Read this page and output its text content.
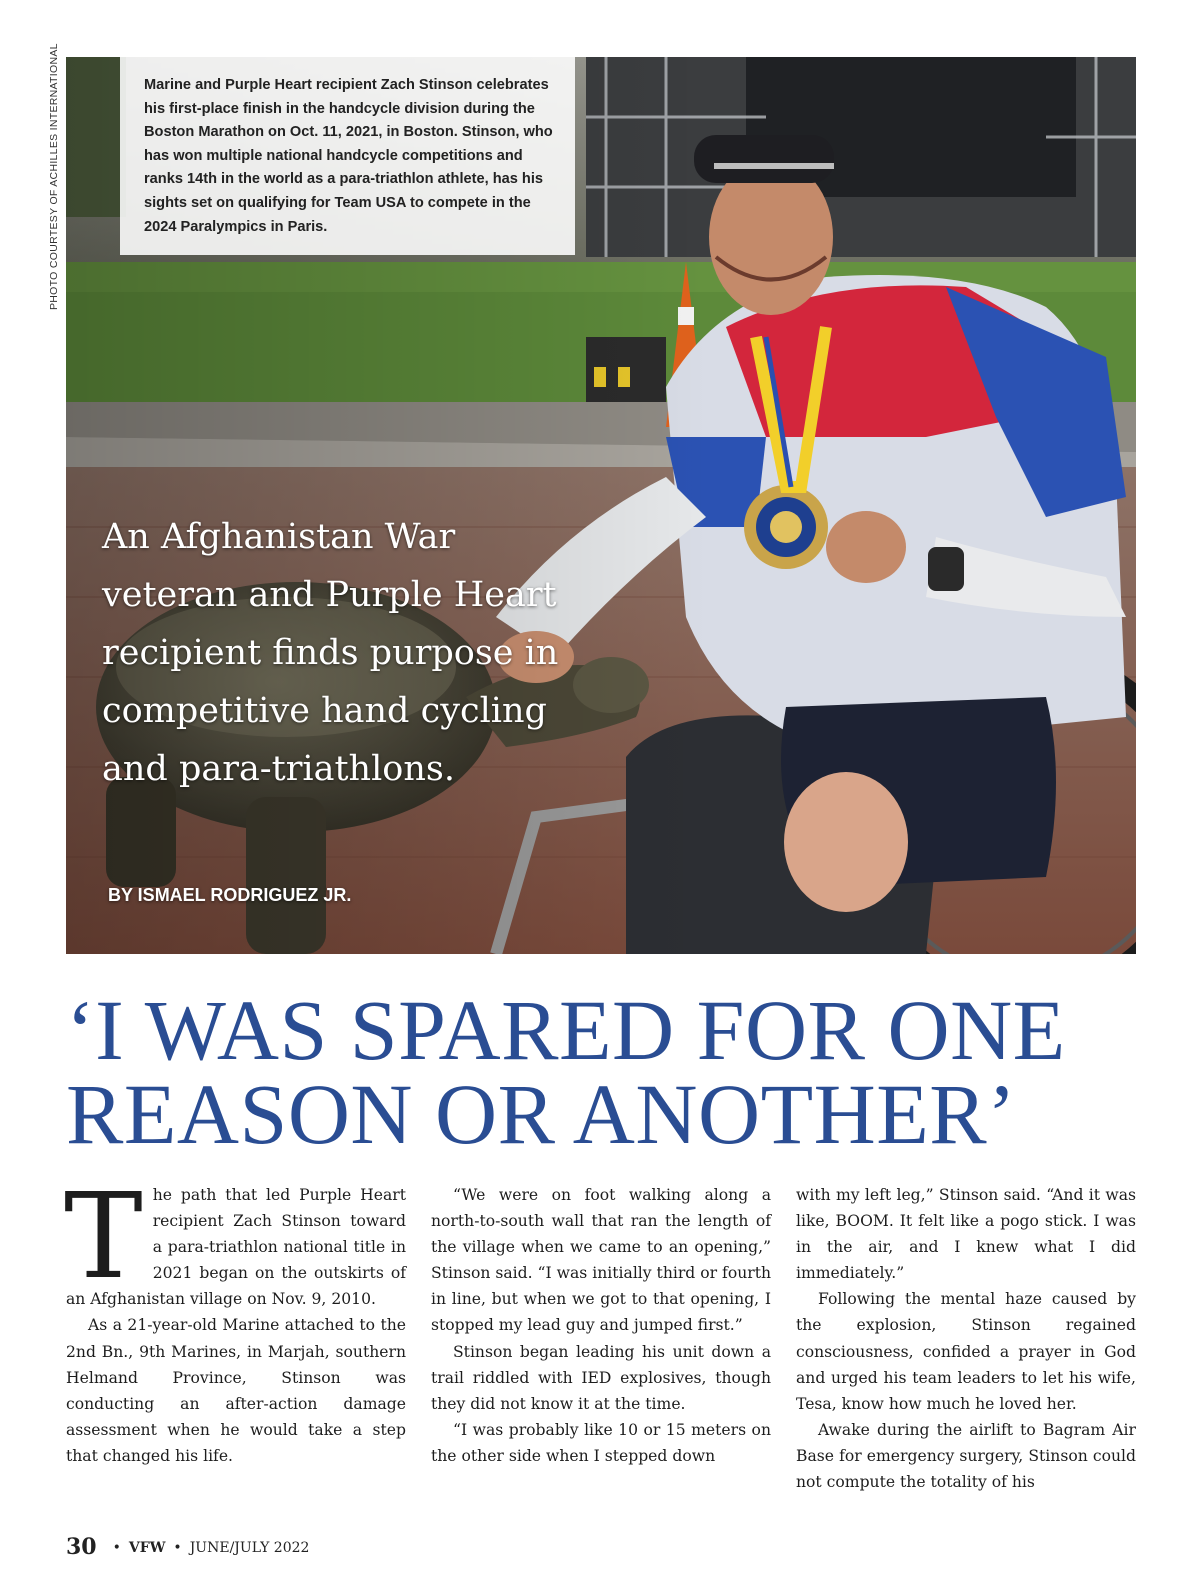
PHOTO COURTESY OF ACHILLES INTERNATIONAL	Marine and Purple Heart recipient Zach Stinson celebrates his first-place finish in the handcycle division during the Boston Marathon on Oct. 11, 2021, in Boston. Stinson, who has won multiple national handcycle competitions and ranks 14th in the world as a para-triathlon athlete, has his sights set on qualifying for Team USA to compete in the 2024 Paralympics in Paris.
An Afghanistan War veteran and Purple Heart recipient finds purpose in competitive hand cycling and para-triathlons.
BY ISMAEL RODRIGUEZ JR.
‘I WAS SPARED FOR ONE REASON OR ANOTHER’
T he path that led Purple Heart recipient Zach Stinson toward a para-triathlon national title in 2021 began on the outskirts of an Afghanistan village on Nov. 9, 2010.

As a 21-year-old Marine attached to the 2nd Bn., 9th Marines, in Marjah, southern Helmand Province, Stinson was conducting an after-action damage assessment when he would take a step that changed his life.

“We were on foot walking along a north-to-south wall that ran the length of the village when we came to an opening,” Stinson said. “I was initially third or fourth in line, but when we got to that opening, I stopped my lead guy and jumped first.”

Stinson began leading his unit down a trail riddled with IED explosives, though they did not know it at the time.

“I was probably like 10 or 15 meters on the other side when I stepped down

with my left leg,” Stinson said. “And it was like, BOOM. It felt like a pogo stick. I was in the air, and I knew what I did immediately.”

Following the mental haze caused by the explosion, Stinson regained consciousness, confided a prayer in God and urged his team leaders to let his wife, Tesa, know how much he loved her.

Awake during the airlift to Bagram Air Base for emergency surgery, Stinson could not compute the totality of his

30 • VFW • JUNE/JULY 2022
